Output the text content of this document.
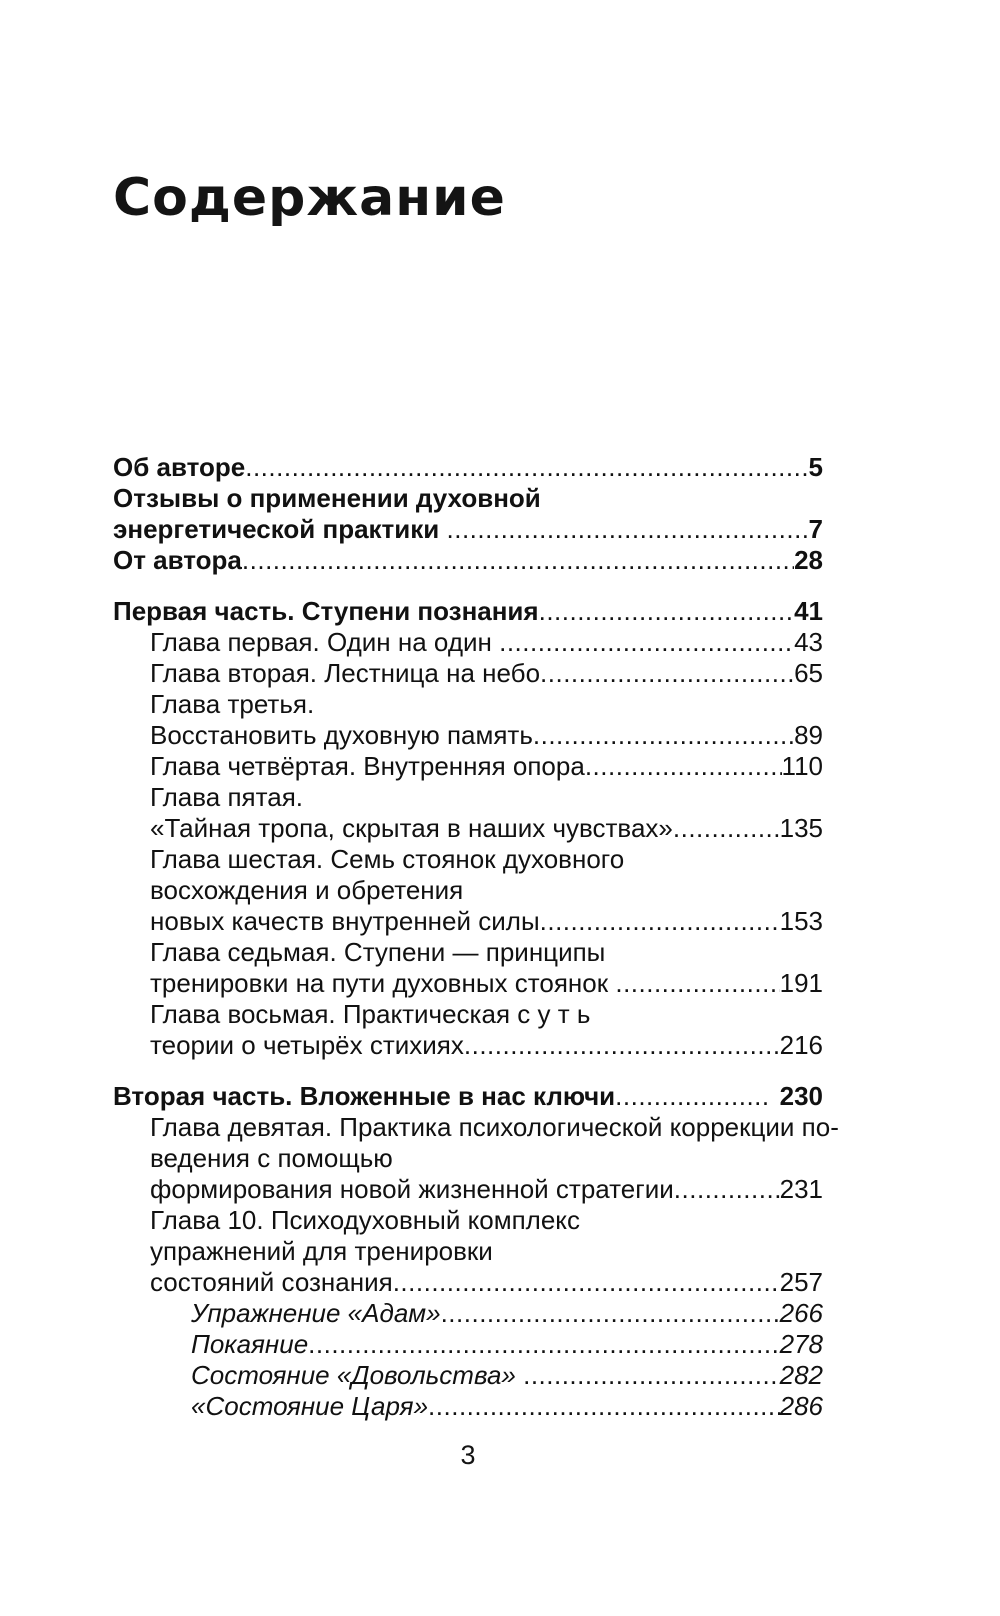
Содержание
Об авторе .....	5
Отзывы о применении духовной
энергетической практики .....	7
От автора .....	28
Первая часть. Ступени познания .....	41
Глава первая. Один на один .....	43
Глава вторая. Лестница на небо .....	65
Глава третья.
Восстановить духовную память .....	89
Глава четвёртая. Внутренняя опора .....	110
Глава пятая.
«Тайная тропа, скрытая в наших чувствах» .....	135
Глава шестая. Семь стоянок духовного
восхождения и обретения
новых качеств внутренней силы .....	153
Глава седьмая. Ступени — принципы
тренировки на пути духовных стоянок .....	191
Глава восьмая. Практическая с у т ь
теории о четырёх стихиях .....	216
Вторая часть. Вложенные в нас ключи .....	230
Глава девятая. Практика психологической коррекции по-
ведения с помощью
формирования новой жизненной стратегии .....	231
Глава 10. Психодуховный комплекс
упражнений для тренировки
состояний сознания .....	257
Упражнение «Адам» .....	266
Покаяние .....	278
Состояние «Довольства» .....	282
«Состояние Царя» .....	286
3
